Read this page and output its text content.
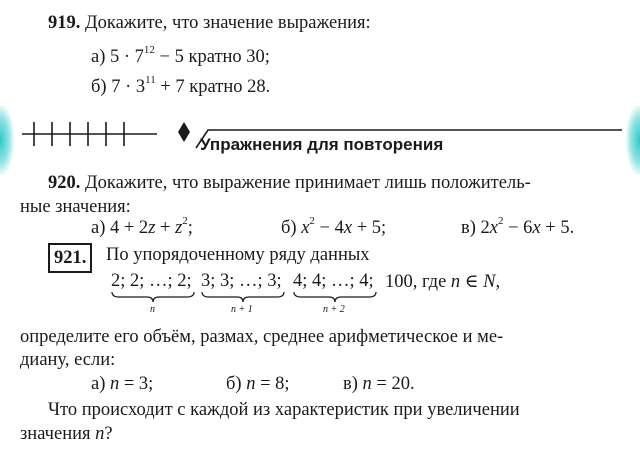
919. Докажите, что значение выражения:
а) $5 \cdot 7^{12} - 5$ кратно 30;
б) $7 \cdot 3^{11} + 7$ кратно 28.
Упражнения для повторения
920. Докажите, что выражение принимает лишь положитель-
ные значения:
а) $4 + 2z + z^2$;	б) $x^2 - 4x + 5$;	в) $2x^2 - 6x + 5$.
921.	По упорядоченному ряду данных
2; 2; …; 2; 3; 3; …; 3; 4; 4; …; 4; 100, где n ∈ N,
n	n + 1	n + 2
определите его объём, размах, среднее арифметическое и ме-
диану, если:
а) n = 3;	б) n = 8;	в) n = 20.
Что происходит с каждой из характеристик при увеличении
значения n?
